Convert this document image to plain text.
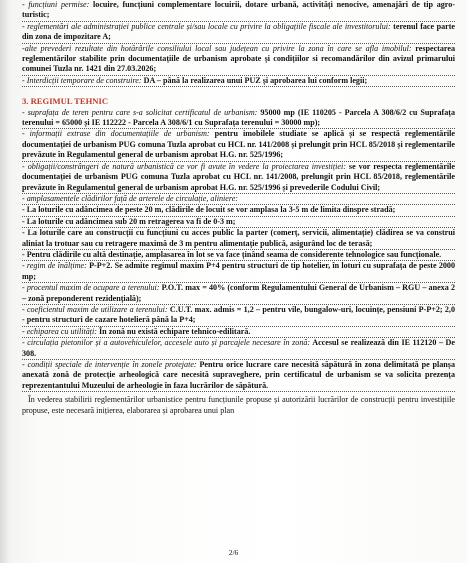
- funcțiuni permise: locuire, funcțiuni complementare locuirii, dotare urbană, activități nenocive, amenajări de tip agro-turistic;

- reglementări ale administrației publice centrale și/sau locale cu privire la obligațiile fiscale ale investitorului: terenul face parte din zona de impozitare A;

-alte prevederi rezultate din hotărârile consiliului local sau județean cu privire la zona în care se afla imobilul: respectarea reglementărilor stabilite prin documentațiile de urbanism aprobate și condițiilor si recomandărilor din avizul primarului comunei Tuzla nr. 1421 din 27.03.2026;

- Interdicții temporare de construire: DA – până la realizarea unui PUZ și aprobarea lui conform legii;

3. REGIMUL TEHNIC

- suprafața de teren pentru care s-a solicitat certificatul de urbanism: 95000 mp (IE 110205 - Parcela A 308/6/2 cu Suprafața terenului = 65000 și IE 112222 - Parcela A 308/6/1 cu Suprafața terenului = 30000 mp);

- informații extrase din documentațiile de urbanism: pentru imobilele studiate se aplică și se respectă reglementările documentației de urbanism PUG comuna Tuzla aprobat cu HCL nr. 141/2008 și prelungit prin HCL 85/2018 și reglementarile prevăzute în Regulamentul general de urbanism aprobat H.G. nr. 525/1996;

- obligații/constrângeri de natură urbanistică ce vor fi avute în vedere la proiectarea investiției: se vor respecta reglementările documentației de urbanism PUG comuna Tuzla aprobat cu HCL nr. 141/2008, prelungit prin HCL 85/2018, reglementările prevăzute în Regulamentul general de urbanism aprobat H.G. nr. 525/1996 și prevederile Codului Civil;

- amplasamentele clădirilor față de arterele de circulație, aliniere:

- La loturile cu adâncimea de peste 20 m, clădirile de locuit se vor amplasa la 3-5 m de limita dinspre stradă;

- La loturile cu adâncimea sub 20 m retragerea va fi de 0-3 m;

- La loturile care au construcții cu funcțiuni cu acces public la parter (comerț, servicii, alimentație) clădirea se va construi aliniat la trotuar sau cu retragere maximă de 3 m pentru alimentație publică, asigurând loc de terasă;

- Pentru clădirile cu altă destinație, amplasarea în lot se va face ținând seama de considerente tehnologice sau funcționale.

- regim de înălțime: P-P+2. Se admite regimul maxim P+4 pentru structuri de tip hotelier, în loturi cu suprafața de peste 2000 mp;

- procentul maxim de ocupare a terenului: P.O.T. max = 40% (conform Regulamentului General de Urbanism – RGU – anexa 2 – zonă preponderent rezidențială);

- coeficientul maxim de utilizare a terenului: C.U.T. max. admis = 1,2 – pentru vile, bungalow-uri, locuințe, pensiuni P-P+2; 2,0 - pentru structuri de cazare hotelieră până la P+4;

- echiparea cu utilități: În zonă nu există echipare tehnico-edilitară.

- circulația pietonilor și a autovehiculelor, accesele auto și parcajele necesare în zonă: Accesul se realizează din IE 112120 – De 308.

- condiții speciale de intervenție în zonele protejate: Pentru orice lucrare care necesită săpătură în zona delimitată pe planșa anexată zonă de protecție arheologică care necesită supraveghere, prin certificatul de urbanism se va solicita prezența reprezentantului Muzeului de arheologie în faza lucrărilor de săpătură.

În vederea stabilirii reglementărilor urbanistice pentru funcțiunile propuse și autorizării lucrărilor de construcții pentru investițiile propuse, este necesară inițierea, elaborarea și aprobarea unui plan

2/6
